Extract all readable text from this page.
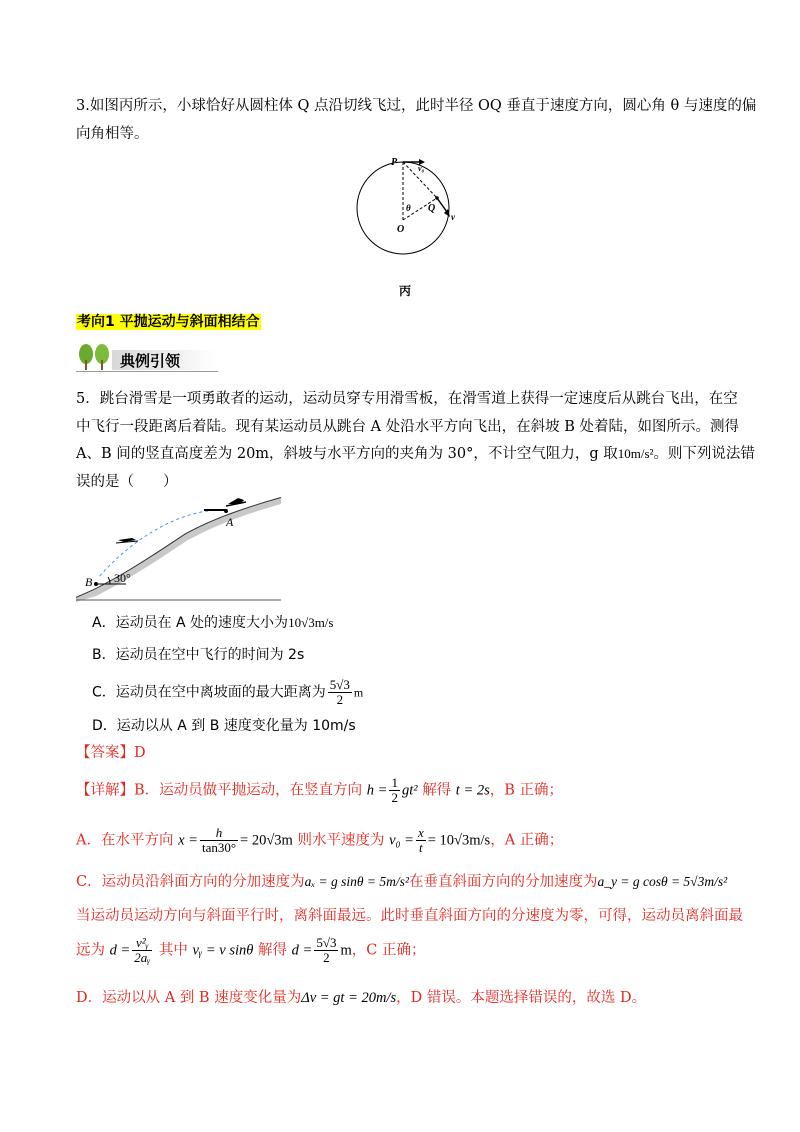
3.如图丙所示，小球恰好从圆柱体 Q 点沿切线飞过，此时半径 OQ 垂直于速度方向，圆心角 θ 与速度的偏
向角相等。
P
v₀
θ Q
O
v
丙
考向1 平抛运动与斜面相结合
典例引领
5．跳台滑雪是一项勇敢者的运动，运动员穿专用滑雪板，在滑雪道上获得一定速度后从跳台飞出，在空
中飞行一段距离后着陆。现有某运动员从跳台 A 处沿水平方向飞出，在斜坡 B 处着陆，如图所示。测得
A、B 间的竖直高度差为 20m，斜坡与水平方向的夹角为 30°，不计空气阻力，g 取10m/s²。则下列说法错
误的是（　　）
A
B 30°
A．运动员在 A 处的速度大小为10√3m/s
B．运动员在空中飞行的时间为 2s
C．运动员在空中离坡面的最大距离为 $\frac{5√3}{2}$ m
D．运动以从 A 到 B 速度变化量为 10m/s
【答案】D
【详解】B．运动员做平抛运动，在竖直方向 $h = \frac{1}{2} gt^2$ 解得 t = 2s，B 正确；
A．在水平方向 $x = \frac{h}{\tan 30^\circ} = 20√3m$ 则水平速度为 $v_0 = \frac{x}{t} = 10√3m/s$，A 正确；
C．运动员沿斜面方向的分加速度为aₓ = g sinθ = 5m/s²在垂直斜面方向的分加速度为a_y = g cosθ = 5√3m/s²
当运动员运动方向与斜面平行时，离斜面最远。此时垂直斜面方向的分速度为零，可得，运动员离斜面最
远为 $d = \frac{\text{v²ᵧ}}{\text{2aᵧ}}$ 其中 vᵧ = v sinθ 解得 $d = \frac{5√3}{2}$ m，C 正确；
D．运动以从 A 到 B 速度变化量为Δv = gt = 20m/s，D 错误。本题选择错误的，故选 D。
